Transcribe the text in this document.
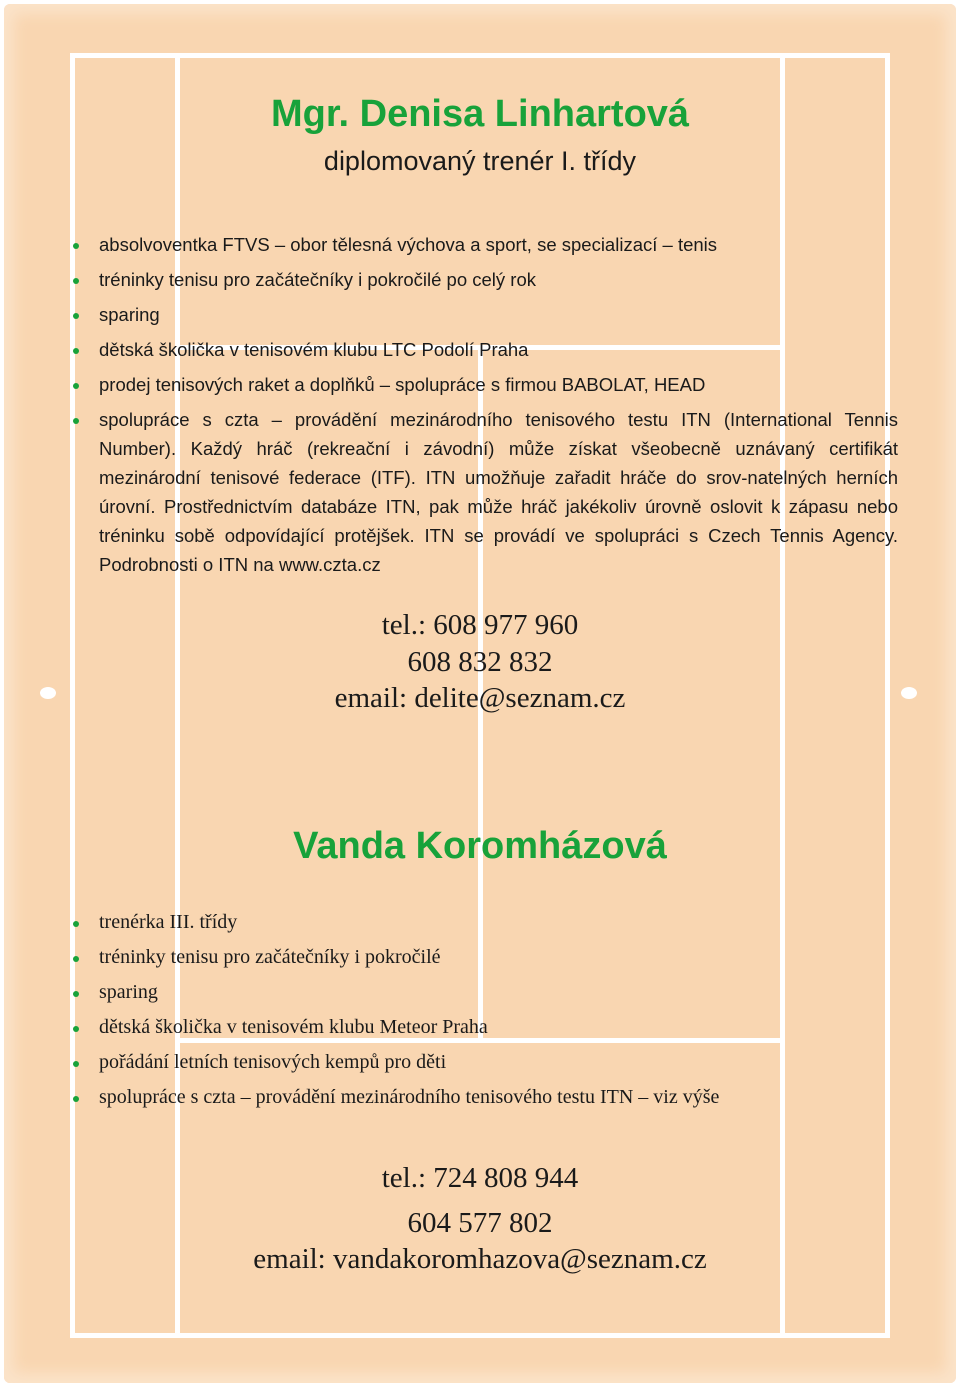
Mgr. Denisa Linhartová

diplomovaný trenér I. třídy

absolvoventka FTVS – obor tělesná výchova a sport, se specializací – tenis
tréninky tenisu pro začátečníky i pokročilé po celý rok
sparing
dětská školička v tenisovém klubu LTC Podolí Praha
prodej tenisových raket a doplňků – spolupráce s firmou BABOLAT, HEAD
spolupráce s czta – provádění mezinárodního tenisového testu ITN (International Tennis Number). Každý hráč (rekreační i závodní) může získat všeobecně uznávaný certifikát mezinárodní tenisové federace (ITF). ITN umožňuje zařadit hráče do srov-natelných herních úrovní. Prostřednictvím databáze ITN, pak může hráč jakékoliv úrovně oslovit k zápasu nebo tréninku sobě odpovídající protějšek. ITN se provádí ve spolupráci s Czech Tennis Agency. Podrobnosti o ITN na www.czta.cz

tel.: 608 977 960

608 832 832

email: delite@seznam.cz

Vanda Koromházová
trenérka III. třídy
tréninky tenisu pro začátečníky i pokročilé
sparing
dětská školička v tenisovém klubu Meteor Praha
pořádání letních tenisových kempů pro děti
spolupráce s czta – provádění mezinárodního tenisového testu ITN – viz výše

tel.: 724 808 944

604 577 802

email: vandakoromhazova@seznam.cz
